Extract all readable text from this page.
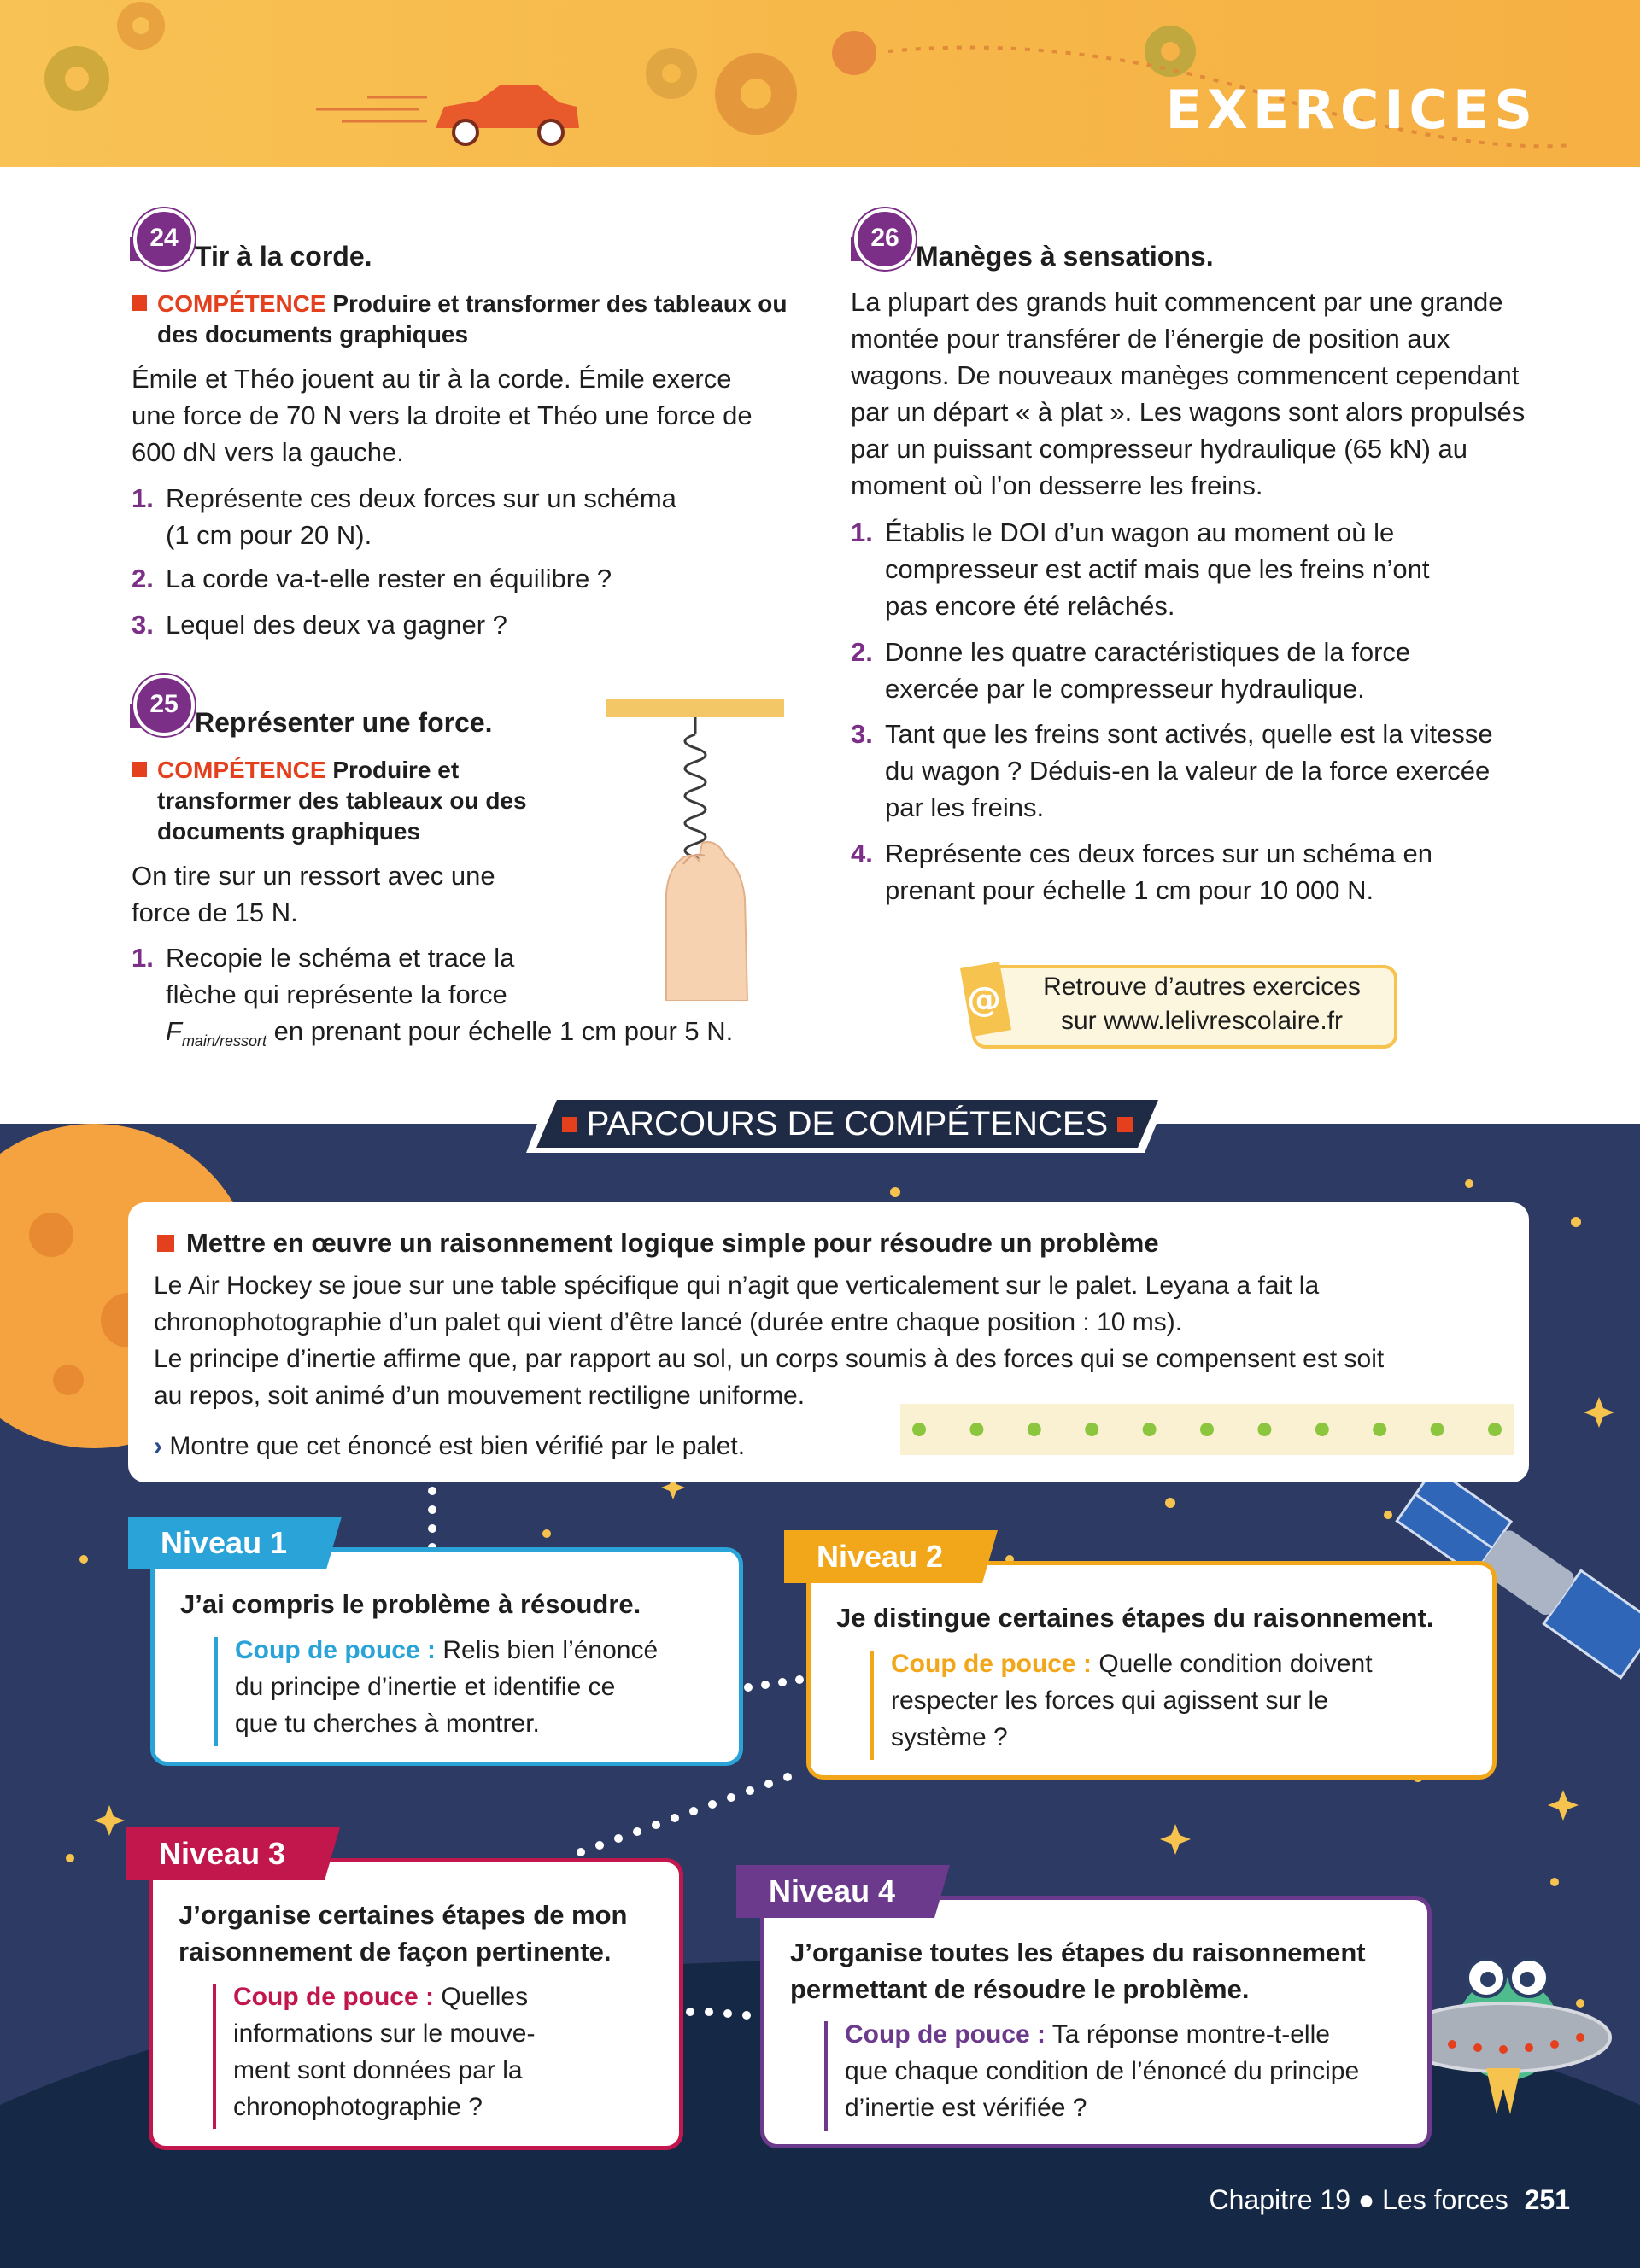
EXERCICES
24
Tir à la corde.
COMPÉTENCE Produire et transformer des tableaux ou
des documents graphiques
Émile et Théo jouent au tir à la corde. Émile exerce
une force de 70 N vers la droite et Théo une force de
600 dN vers la gauche.
1. Représente ces deux forces sur un schéma
(1 cm pour 20 N).
2. La corde va-t-elle rester en équilibre ?
3. Lequel des deux va gagner ?
25
Représenter une force.
COMPÉTENCE Produire et
transformer des tableaux ou des
documents graphiques
On tire sur un ressort avec une
force de 15 N.
1. Recopie le schéma et trace la
flèche qui représente la force
$F_{main/ressort}$ en prenant pour échelle 1 cm pour 5 N.
26
Manèges à sensations.
La plupart des grands huit commencent par une grande
montée pour transférer de l’énergie de position aux
wagons. De nouveaux manèges commencent cependant
par un départ « à plat ». Les wagons sont alors propulsés
par un puissant compresseur hydraulique (65 kN) au
moment où l’on desserre les freins.
1. Établis le DOI d’un wagon au moment où le
compresseur est actif mais que les freins n’ont
pas encore été relâchés.
2. Donne les quatre caractéristiques de la force
exercée par le compresseur hydraulique.
3. Tant que les freins sont activés, quelle est la vitesse
du wagon ? Déduis-en la valeur de la force exercée
par les freins.
4. Représente ces deux forces sur un schéma en
prenant pour échelle 1 cm pour 10 000 N.
Retrouve d’autres exercices
sur www.lelivrescolaire.fr
@
PARCOURS DE COMPÉTENCES
Mettre en œuvre un raisonnement logique simple pour résoudre un problème
Le Air Hockey se joue sur une table spécifique qui n’agit que verticalement sur le palet. Leyana a fait la
chronophotographie d’un palet qui vient d’être lancé (durée entre chaque position : 10 ms).
Le principe d’inertie affirme que, par rapport au sol, un corps soumis à des forces qui se compensent est soit
au repos, soit animé d’un mouvement rectiligne uniforme.
› Montre que cet énoncé est bien vérifié par le palet.
J’ai compris le problème à résoudre.
Coup de pouce : Relis bien l’énoncé
du principe d’inertie et identifie ce
que tu cherches à montrer.
Niveau 1
Je distingue certaines étapes du raisonnement.
Coup de pouce : Quelle condition doivent
respecter les forces qui agissent sur le
système ?
Niveau 2
J’organise certaines étapes de mon
raisonnement de façon pertinente.
Coup de pouce : Quelles
informations sur le mouve-
ment sont données par la
chronophotographie ?
Niveau 3
J’organise toutes les étapes du raisonnement
permettant de résoudre le problème.
Coup de pouce : Ta réponse montre-t-elle
que chaque condition de l’énoncé du principe
d’inertie est vérifiée ?
Niveau 4
Chapitre 19 ● Les forces 251
